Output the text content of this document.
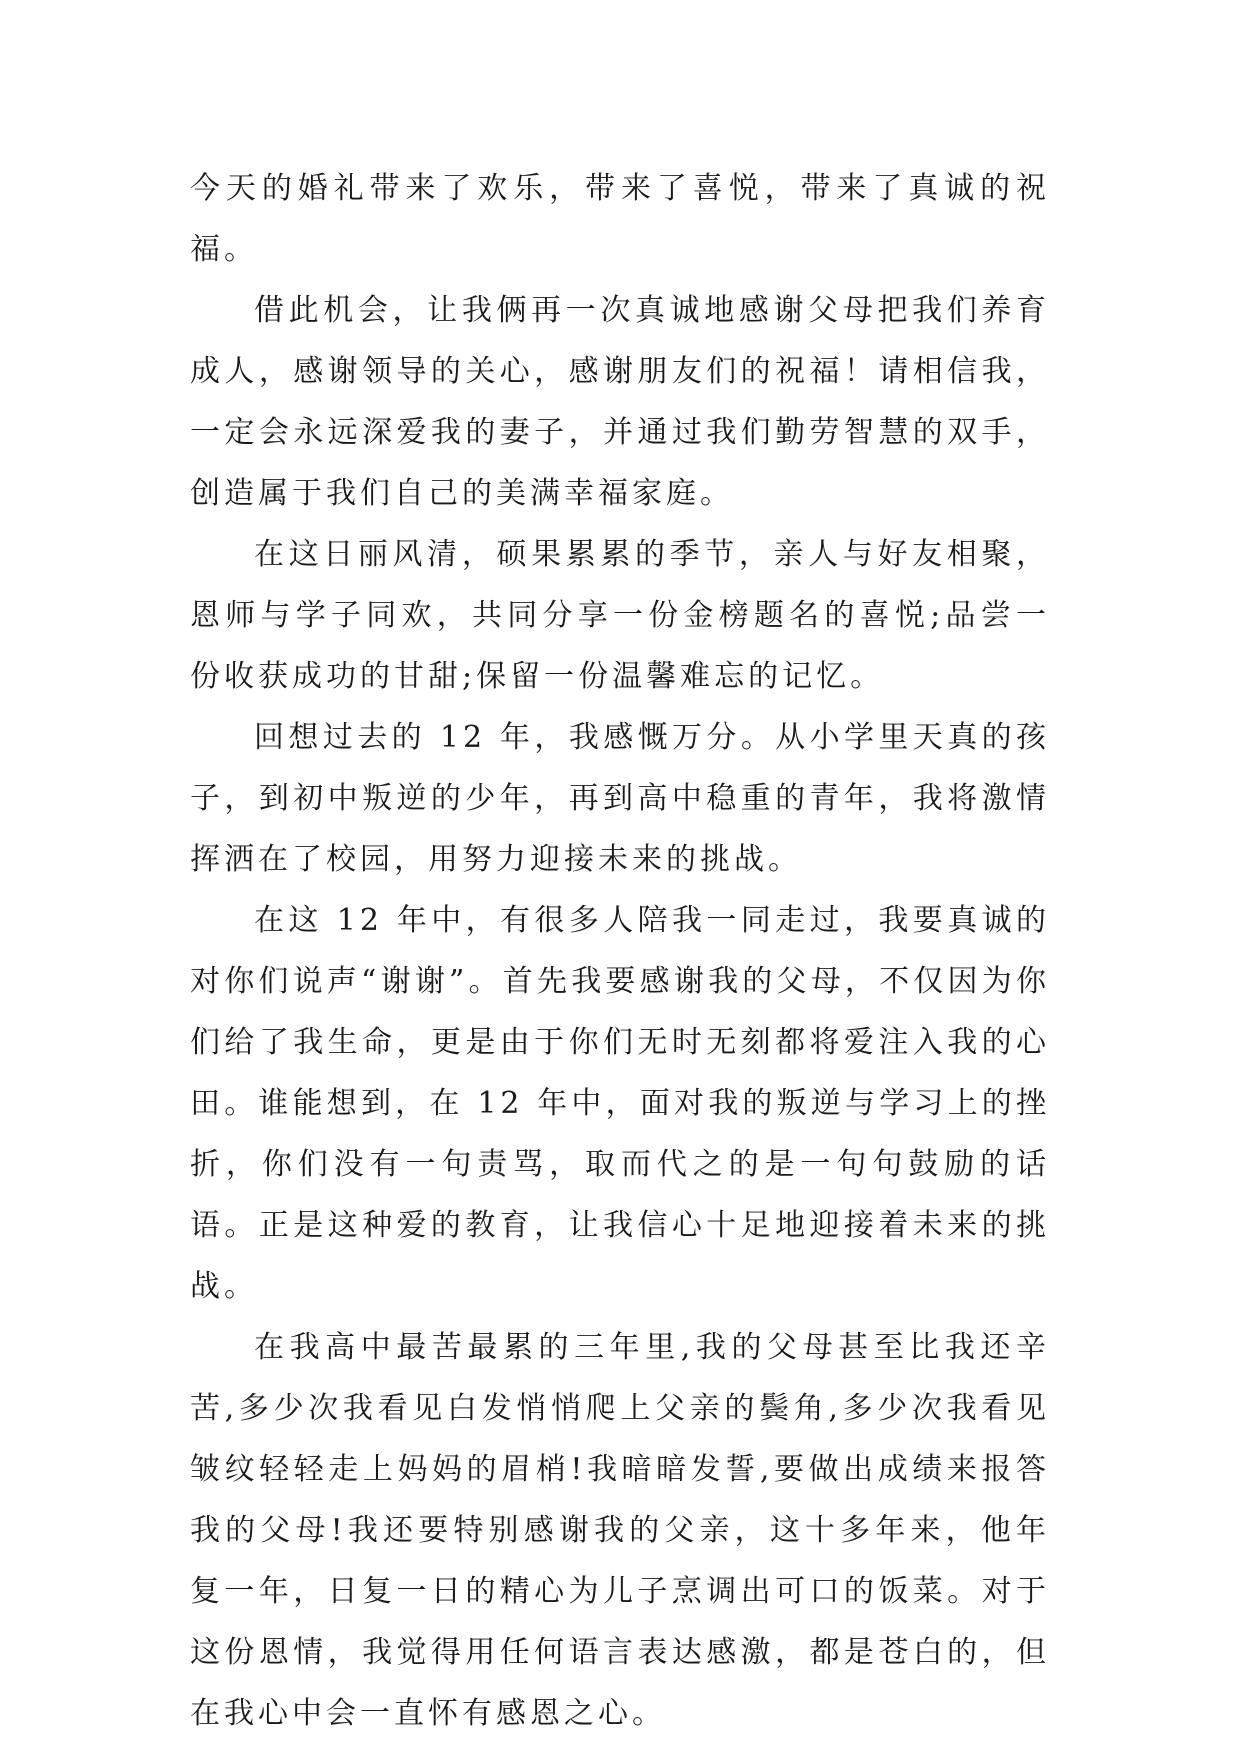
今天的婚礼带来了欢乐，带来了喜悦，带来了真诚的祝福。

借此机会，让我俩再一次真诚地感谢父母把我们养育成人，感谢领导的关心，感谢朋友们的祝福！请相信我，一定会永远深爱我的妻子，并通过我们勤劳智慧的双手，创造属于我们自己的美满幸福家庭。

在这日丽风清，硕果累累的季节，亲人与好友相聚，恩师与学子同欢，共同分享一份金榜题名的喜悦;品尝一份收获成功的甘甜;保留一份温馨难忘的记忆。

回想过去的 12 年，我感慨万分。从小学里天真的孩子，到初中叛逆的少年，再到高中稳重的青年，我将激情挥洒在了校园，用努力迎接未来的挑战。

在这 12 年中，有很多人陪我一同走过，我要真诚的对你们说声“谢谢”。首先我要感谢我的父母，不仅因为你们给了我生命，更是由于你们无时无刻都将爱注入我的心田。谁能想到，在 12 年中，面对我的叛逆与学习上的挫折，你们没有一句责骂，取而代之的是一句句鼓励的话语。正是这种爱的教育，让我信心十足地迎接着未来的挑战。

在我高中最苦最累的三年里,我的父母甚至比我还辛苦,多少次我看见白发悄悄爬上父亲的鬓角,多少次我看见皱纹轻轻走上妈妈的眉梢!我暗暗发誓,要做出成绩来报答我的父母!我还要特别感谢我的父亲，这十多年来，他年复一年，日复一日的精心为儿子烹调出可口的饭菜。对于这份恩情，我觉得用任何语言表达感激，都是苍白的，但在我心中会一直怀有感恩之心。
